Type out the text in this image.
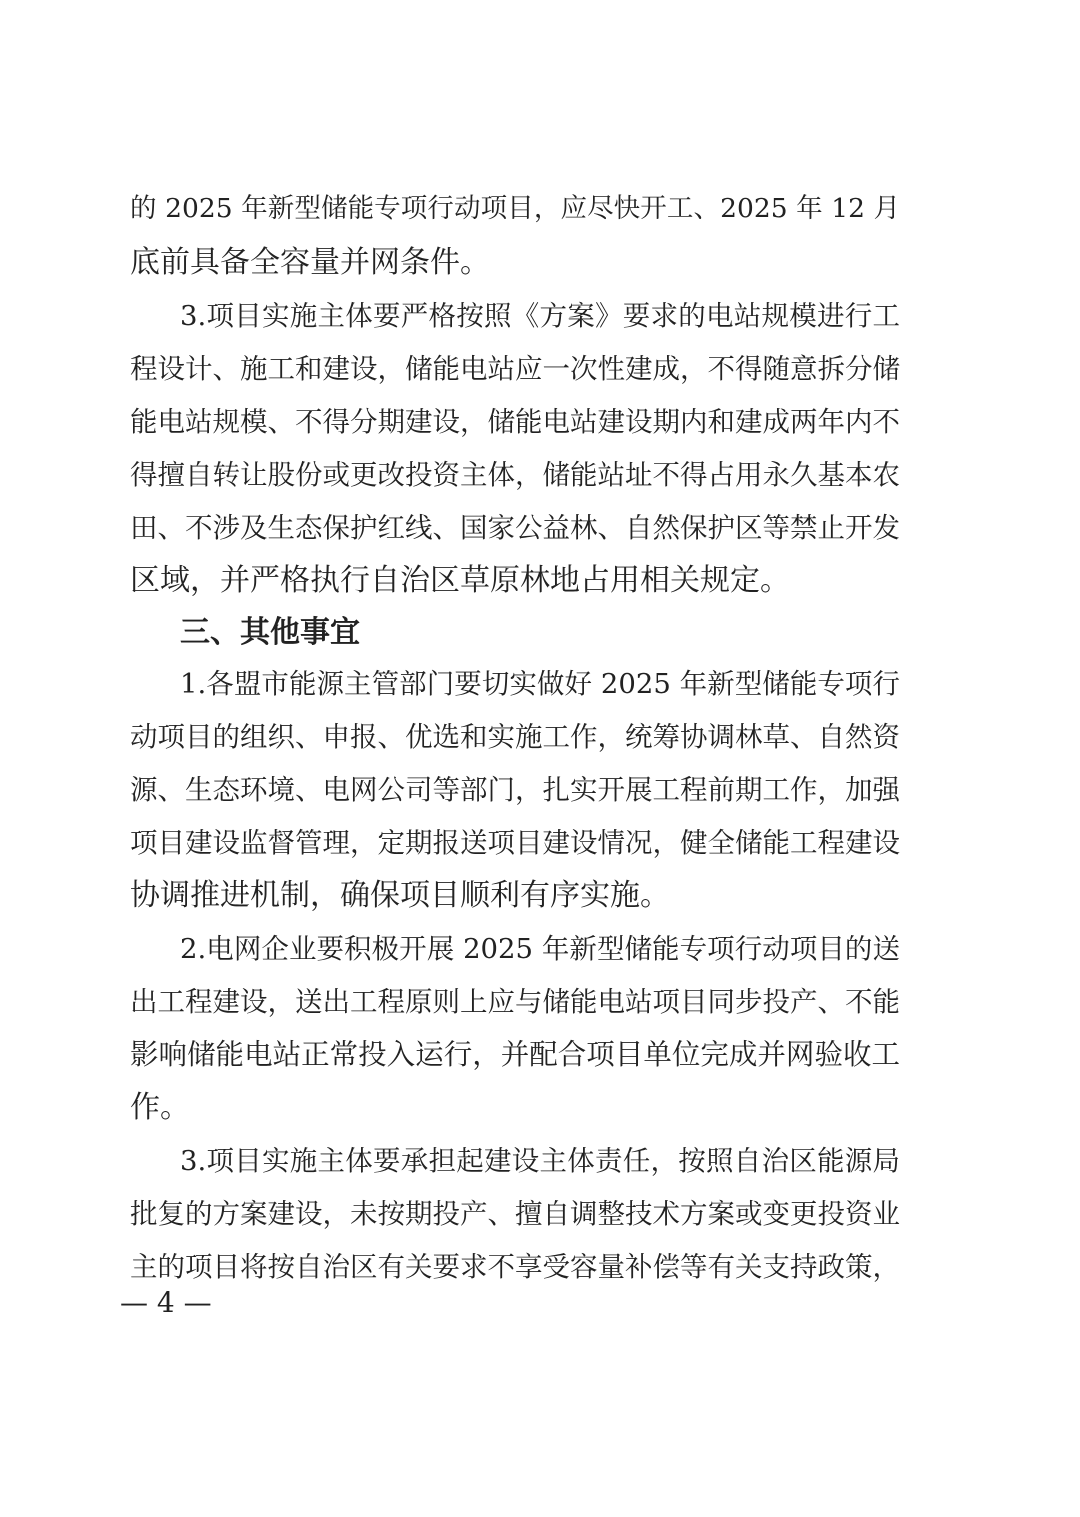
的 2025 年新型储能专项行动项目，应尽快开工、2025 年 12 月
底前具备全容量并网条件。
3.项目实施主体要严格按照《方案》要求的电站规模进行工
程设计、施工和建设，储能电站应一次性建成，不得随意拆分储
能电站规模、不得分期建设，储能电站建设期内和建成两年内不
得擅自转让股份或更改投资主体，储能站址不得占用永久基本农
田、不涉及生态保护红线、国家公益林、自然保护区等禁止开发
区域，并严格执行自治区草原林地占用相关规定。
三、其他事宜
1.各盟市能源主管部门要切实做好 2025 年新型储能专项行
动项目的组织、申报、优选和实施工作，统筹协调林草、自然资
源、生态环境、电网公司等部门，扎实开展工程前期工作，加强
项目建设监督管理，定期报送项目建设情况，健全储能工程建设
协调推进机制，确保项目顺利有序实施。
2.电网企业要积极开展 2025 年新型储能专项行动项目的送
出工程建设，送出工程原则上应与储能电站项目同步投产、不能
影响储能电站正常投入运行，并配合项目单位完成并网验收工
作。
3.项目实施主体要承担起建设主体责任，按照自治区能源局
批复的方案建设，未按期投产、擅自调整技术方案或变更投资业
主的项目将按自治区有关要求不享受容量补偿等有关支持政策，
— 4 —
